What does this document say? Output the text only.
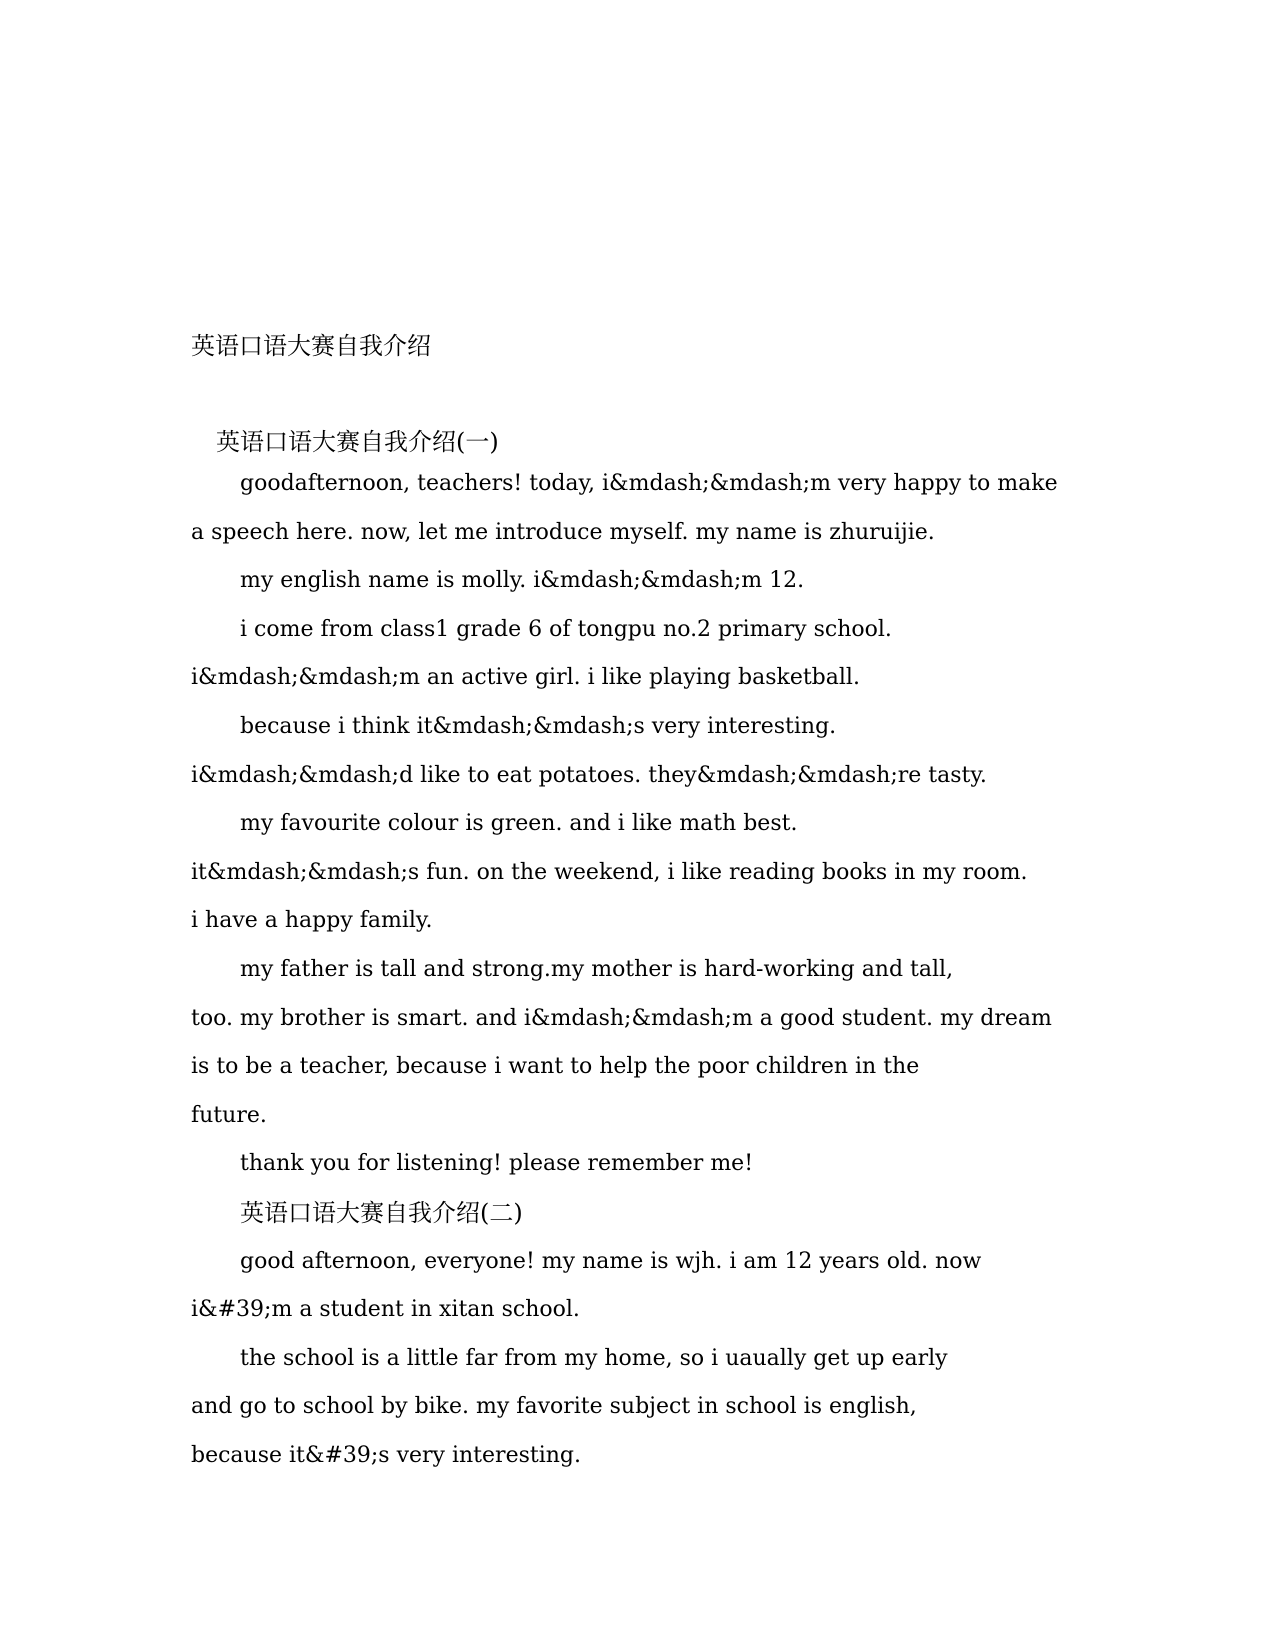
英语口语大赛自我介绍
英语口语大赛自我介绍(一)
goodafternoon, teachers! today, i&mdash;&mdash;m very happy to make
a speech here. now, let me introduce myself. my name is zhuruijie.
my english name is molly. i&mdash;&mdash;m 12.
i come from class1 grade 6 of tongpu no.2 primary school.
i&mdash;&mdash;m an active girl. i like playing basketball.
because i think it&mdash;&mdash;s very interesting.
i&mdash;&mdash;d like to eat potatoes. they&mdash;&mdash;re tasty.
my favourite colour is green. and i like math best.
it&mdash;&mdash;s fun. on the weekend, i like reading books in my room.
i have a happy family.
my father is tall and strong.my mother is hard-working and tall,
too. my brother is smart. and i&mdash;&mdash;m a good student. my dream
is to be a teacher, because i want to help the poor children in the
future.
thank you for listening! please remember me!
英语口语大赛自我介绍(二)
good afternoon, everyone! my name is wjh. i am 12 years old. now
i&#39;m a student in xitan school.
the school is a little far from my home, so i uaually get up early
and go to school by bike. my favorite subject in school is english,
because it&#39;s very interesting.
